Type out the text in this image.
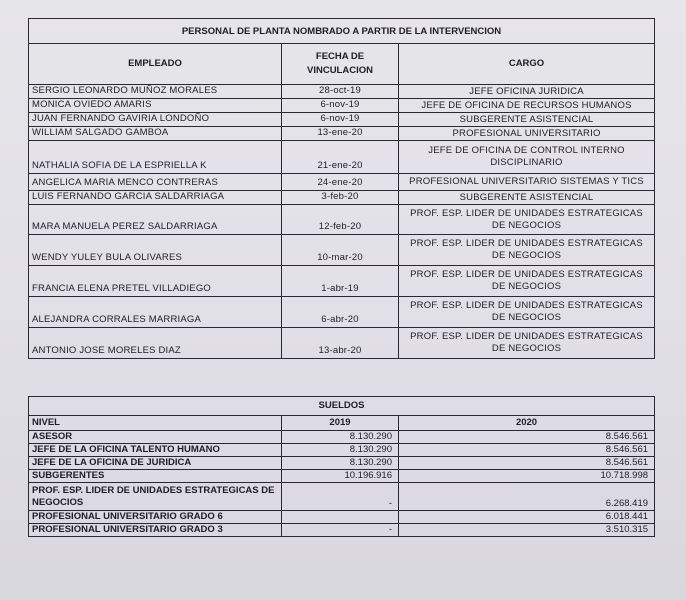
PERSONAL DE PLANTA NOMBRADO A PARTIR DE LA INTERVENCION		
EMPLEADO	FECHA DE VINCULACION	CARGO
SERGIO LEONARDO MUÑOZ MORALES	28-oct-19	JEFE OFICINA JURIDICA
MONICA OVIEDO AMARIS	6-nov-19	JEFE DE OFICINA DE RECURSOS HUMANOS
JUAN FERNANDO GAVIRIA LONDOÑO	6-nov-19	SUBGERENTE ASISTENCIAL
WILLIAM SALGADO GAMBOA	13-ene-20	PROFESIONAL UNIVERSITARIO
NATHALIA SOFIA DE LA ESPRIELLA K	21-ene-20	JEFE DE OFICINA DE CONTROL INTERNO DISCIPLINARIO
ANGELICA MARIA MENCO CONTRERAS	24-ene-20	PROFESIONAL UNIVERSITARIO SISTEMAS Y TICS
LUIS FERNANDO GARCIA SALDARRIAGA	3-feb-20	SUBGERENTE ASISTENCIAL
MARA MANUELA PEREZ SALDARRIAGA	12-feb-20	PROF. ESP. LIDER DE UNIDADES ESTRATEGICAS DE NEGOCIOS
WENDY YULEY BULA OLIVARES	10-mar-20	PROF. ESP. LIDER DE UNIDADES ESTRATEGICAS DE NEGOCIOS
FRANCIA ELENA PRETEL VILLADIEGO	1-abr-19	PROF. ESP. LIDER DE UNIDADES ESTRATEGICAS DE NEGOCIOS
ALEJANDRA CORRALES MARRIAGA	6-abr-20	PROF. ESP. LIDER DE UNIDADES ESTRATEGICAS DE NEGOCIOS
ANTONIO JOSE MORELES DIAZ	13-abr-20	PROF. ESP. LIDER DE UNIDADES ESTRATEGICAS DE NEGOCIOS
SUELDOS		
NIVEL	2019	2020
ASESOR	8.130.290	8.546.561
JEFE DE LA OFICINA TALENTO HUMANO	8.130.290	8.546.561
JEFE DE LA OFICINA DE JURIDICA	8.130.290	8.546.561
SUBGERENTES	10.196.916	10.718.998
PROF. ESP. LIDER DE UNIDADES ESTRATEGICAS DE NEGOCIOS	-	6.268.419
PROFESIONAL UNIVERSITARIO GRADO 6		6.018.441
PROFESIONAL UNIVERSITARIO GRADO 3	-	3.510.315
